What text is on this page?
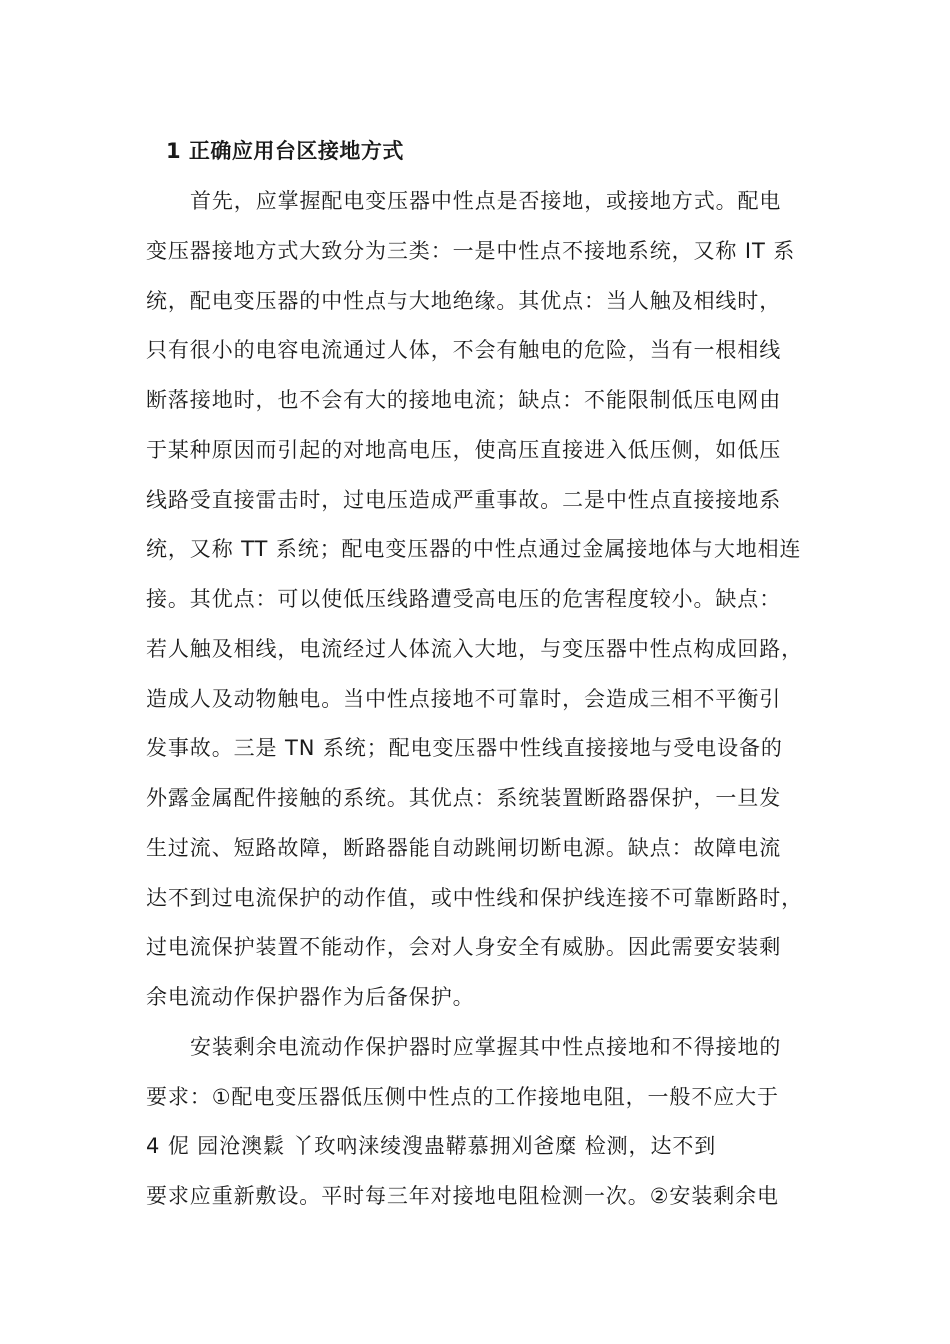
1 正确应用台区接地方式
首先，应掌握配电变压器中性点是否接地，或接地方式。配电
变压器接地方式大致分为三类：一是中性点不接地系统，又称 IT 系
统，配电变压器的中性点与大地绝缘。其优点：当人触及相线时，
只有很小的电容电流通过人体，不会有触电的危险，当有一根相线
断落接地时，也不会有大的接地电流；缺点：不能限制低压电网由
于某种原因而引起的对地高电压，使高压直接进入低压侧，如低压
线路受直接雷击时，过电压造成严重事故。二是中性点直接接地系
统，又称 TT 系统；配电变压器的中性点通过金属接地体与大地相连
接。其优点：可以使低压线路遭受高电压的危害程度较小。缺点：
若人触及相线，电流经过人体流入大地，与变压器中性点构成回路，
造成人及动物触电。当中性点接地不可靠时，会造成三相不平衡引
发事故。三是 TN 系统；配电变压器中性线直接接地与受电设备的
外露金属配件接触的系统。其优点：系统装置断路器保护，一旦发
生过流、短路故障，断路器能自动跳闸切断电源。缺点：故障电流
达不到过电流保护的动作值，或中性线和保护线连接不可靠断路时，
过电流保护装置不能动作，会对人身安全有威胁。因此需要安装剩
余电流动作保护器作为后备保护。
安装剩余电流动作保护器时应掌握其中性点接地和不得接地的
要求：①配电变压器低压侧中性点的工作接地电阻，一般不应大于
4 伲 园沧澳鬏 丫玫吶涞绫溲蛊鞯慕拥刈爸糜 检测，达不到
要求应重新敷设。平时每三年对接地电阻检测一次。②安装剩余电
